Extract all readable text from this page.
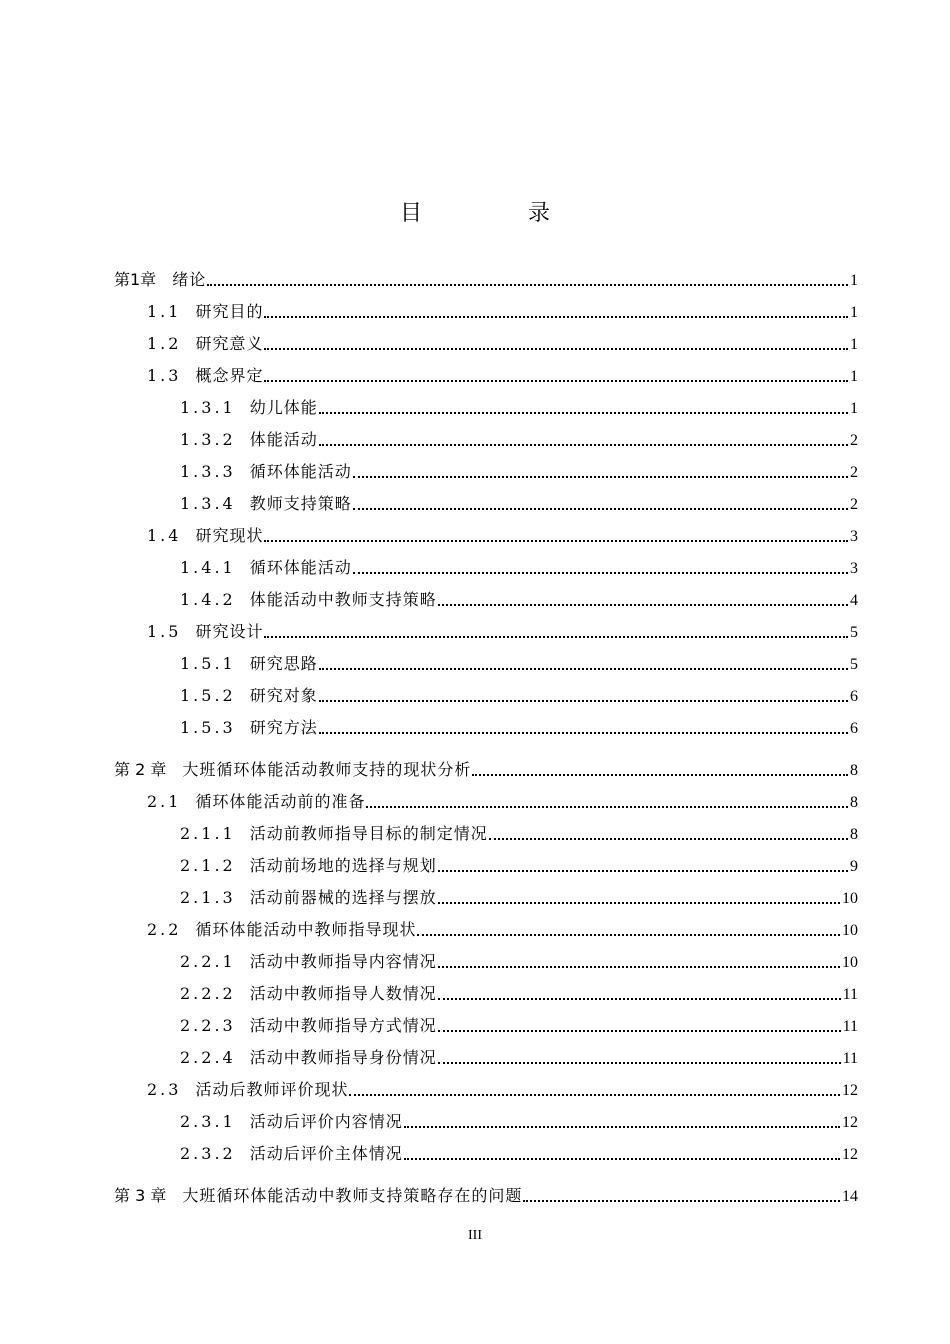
目　录
第1章 绪论	1
1.1 研究目的	1
1.2 研究意义	1
1.3 概念界定	1
1.3.1 幼儿体能	1
1.3.2 体能活动	2
1.3.3 循环体能活动	2
1.3.4 教师支持策略	2
1.4 研究现状	3
1.4.1 循环体能活动	3
1.4.2 体能活动中教师支持策略	4
1.5 研究设计	5
1.5.1 研究思路	5
1.5.2 研究对象	6
1.5.3 研究方法	6
第 2 章 大班循环体能活动教师支持的现状分析	8
2.1 循环体能活动前的准备	8
2.1.1 活动前教师指导目标的制定情况	8
2.1.2 活动前场地的选择与规划	9
2.1.3 活动前器械的选择与摆放	10
2.2 循环体能活动中教师指导现状	10
2.2.1 活动中教师指导内容情况	10
2.2.2 活动中教师指导人数情况	11
2.2.3 活动中教师指导方式情况	11
2.2.4 活动中教师指导身份情况	11
2.3 活动后教师评价现状	12
2.3.1 活动后评价内容情况	12
2.3.2 活动后评价主体情况	12
第 3 章 大班循环体能活动中教师支持策略存在的问题	14
III
